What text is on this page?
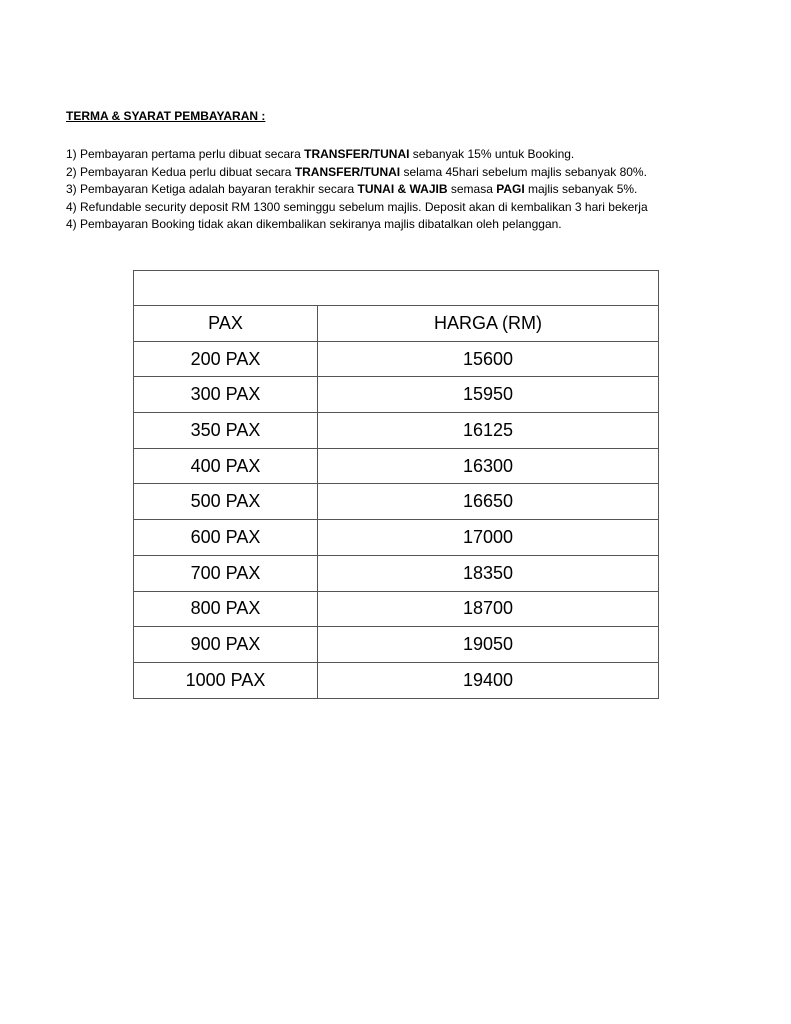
TERMA & SYARAT PEMBAYARAN :
1) Pembayaran pertama perlu dibuat secara TRANSFER/TUNAI sebanyak 15% untuk Booking.
2) Pembayaran Kedua perlu dibuat secara TRANSFER/TUNAI selama 45hari sebelum majlis sebanyak 80%.
3) Pembayaran Ketiga adalah bayaran terakhir secara TUNAI & WAJIB semasa PAGI majlis sebanyak 5%.
4) Refundable security deposit RM 1300 seminggu sebelum majlis. Deposit akan di kembalikan 3 hari bekerja
4) Pembayaran Booking tidak akan dikembalikan sekiranya majlis dibatalkan oleh pelanggan.

PAX	HARGA (RM)
200 PAX	15600
300 PAX	15950
350 PAX	16125
400 PAX	16300
500 PAX	16650
600 PAX	17000
700 PAX	18350
800 PAX	18700
900 PAX	19050
1000 PAX	19400
